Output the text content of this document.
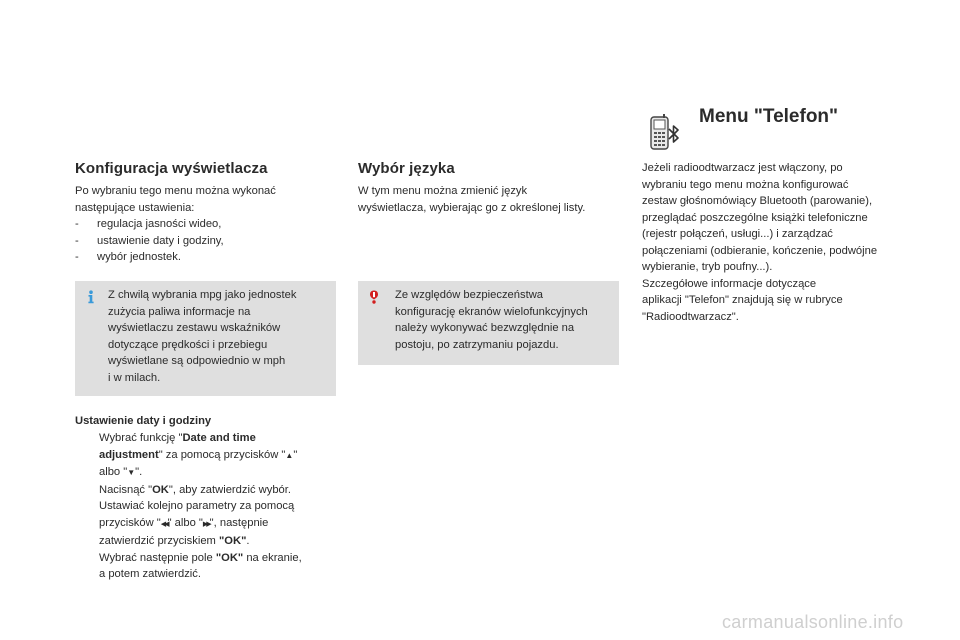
Konfiguracja wyświetlacza
Po wybraniu tego menu można wykonać
następujące ustawienia:
- regulacja jasności wideo,
- ustawienie daty i godziny,
- wybór jednostek.
Z chwilą wybrania mpg jako jednostek
zużycia paliwa informacje na
wyświetlaczu zestawu wskaźników
dotyczące prędkości i przebiegu
wyświetlane są odpowiednio w mph
i w milach.
Ustawienie daty i godziny
Wybrać funkcję "Date and time
adjustment" za pomocą przycisków "▲"
albo "▼".
Nacisnąć "OK", aby zatwierdzić wybór.
Ustawiać kolejno parametry za pomocą
przycisków "◀◀" albo "▶▶", następnie
zatwierdzić przyciskiem "OK".
Wybrać następnie pole "OK" na ekranie,
a potem zatwierdzić.
Wybór języka
W tym menu można zmienić język
wyświetlacza, wybierając go z określonej listy.
Ze względów bezpieczeństwa
konfigurację ekranów wielofunkcyjnych
należy wykonywać bezwzględnie na
postoju, po zatrzymaniu pojazdu.
Menu "Telefon"
Jeżeli radioodtwarzacz jest włączony, po
wybraniu tego menu można konfigurować
zestaw głośnomówiący Bluetooth (parowanie),
przeglądać poszczególne książki telefoniczne
(rejestr połączeń, usługi...) i zarządzać
połączeniami (odbieranie, kończenie, podwójne
wybieranie, tryb poufny...).
Szczegółowe informacje dotyczące
aplikacji "Telefon" znajdują się w rubryce
"Radioodtwarzacz".
carmanualsonline.info
